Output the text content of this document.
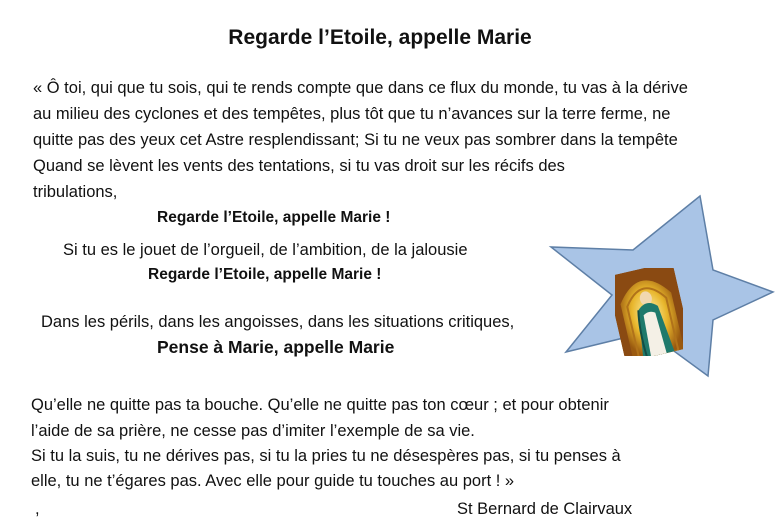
Regarde l’Etoile, appelle Marie
« Ô toi, qui que tu sois, qui te rends compte que dans ce flux du monde, tu vas à la dérive
au milieu des cyclones et des tempêtes, plus tôt que tu n’avances sur la terre ferme, ne
quitte pas des yeux cet Astre resplendissant; Si tu ne veux pas sombrer dans la tempête
Quand se lèvent les vents des tentations, si tu vas droit sur les récifs des
tribulations,
Regarde l’Etoile, appelle Marie !
Si tu es le jouet de l’orgueil, de l’ambition, de la jalousie
Regarde l’Etoile, appelle Marie !
Dans les périls, dans les angoisses, dans les situations critiques,
Pense à Marie, appelle Marie
Qu’elle ne quitte pas ta bouche. Qu’elle ne quitte pas ton cœur ; et pour obtenir
l’aide de sa prière, ne cesse pas d’imiter l’exemple de sa vie.
Si tu la suis, tu ne dérives pas, si tu la pries tu ne désespères pas, si tu penses à
elle, tu ne t’égares pas. Avec elle pour guide tu touches au port ! »
,	St Bernard de Clairvaux
